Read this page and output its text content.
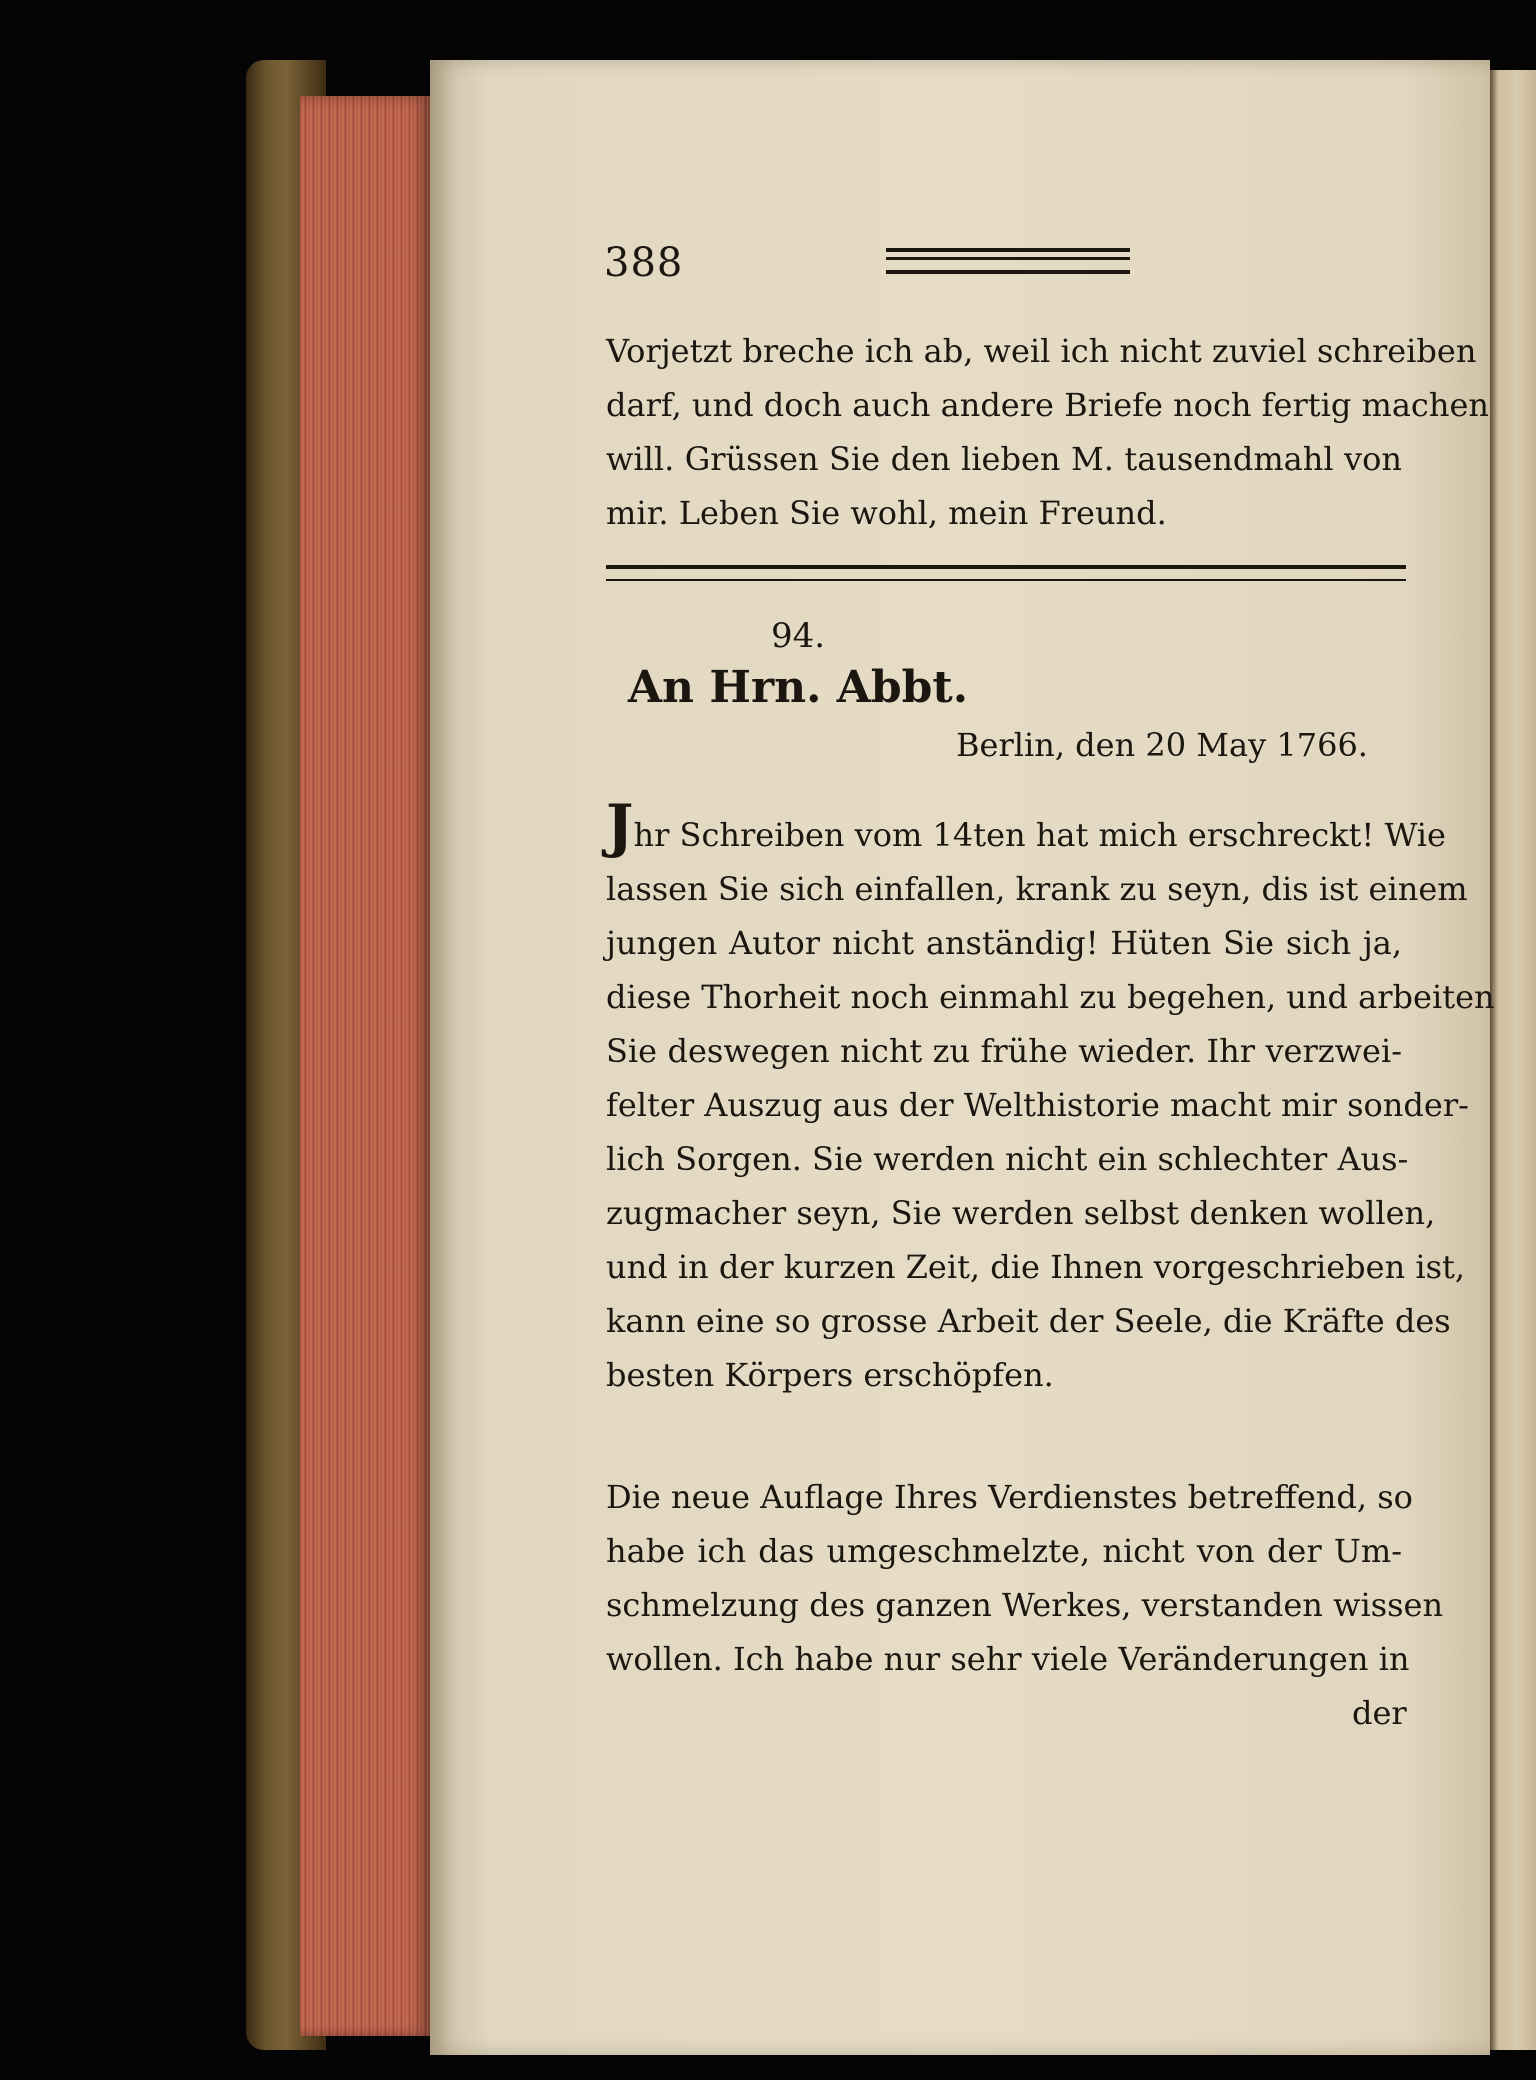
388
Vorjetzt breche ich ab, weil ich nicht zuviel schreiben
darf, und doch auch andere Briefe noch fertig machen
will. Grüssen Sie den lieben M. tausendmahl von
mir. Leben Sie wohl, mein Freund.
94.
An Hrn. Abbt.
Berlin, den 20 May 1766.
Jhr Schreiben vom 14ten hat mich erschreckt! Wie
lassen Sie sich einfallen, krank zu seyn, dis ist einem
jungen Autor nicht anständig! Hüten Sie sich ja,
diese Thorheit noch einmahl zu begehen, und arbeiten
Sie deswegen nicht zu frühe wieder. Ihr verzwei-
felter Auszug aus der Welthistorie macht mir sonder-
lich Sorgen. Sie werden nicht ein schlechter Aus-
zugmacher seyn, Sie werden selbst denken wollen,
und in der kurzen Zeit, die Ihnen vorgeschrieben ist,
kann eine so grosse Arbeit der Seele, die Kräfte des
besten Körpers erschöpfen.
Die neue Auflage Ihres Verdienstes betreffend, so
habe ich das umgeschmelzte, nicht von der Um-
schmelzung des ganzen Werkes, verstanden wissen
wollen. Ich habe nur sehr viele Veränderungen in
der
